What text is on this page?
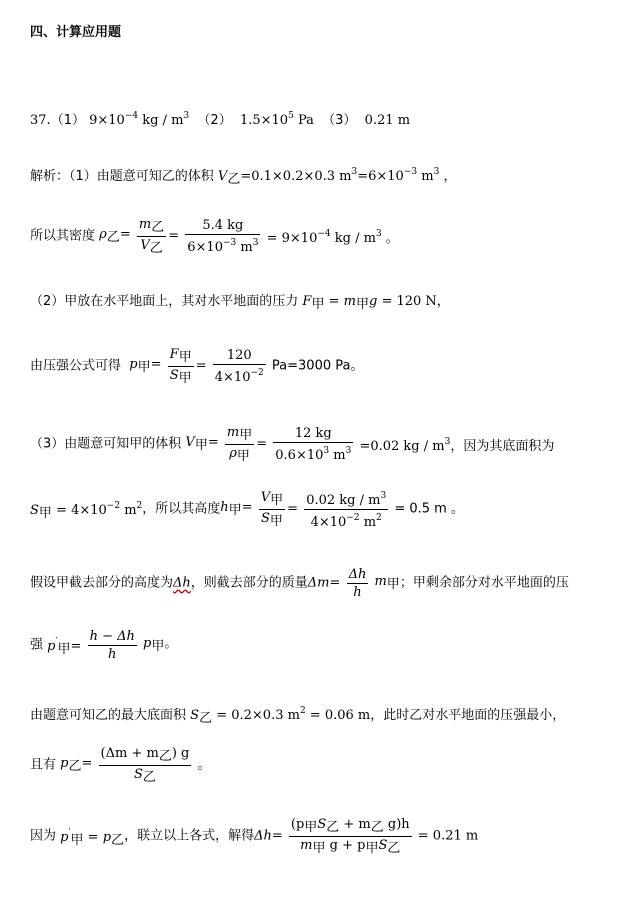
四、计算应用题
37.（1） $9\times 10^{-4}$ kg / $m^3$ （2） $1.5\times 10^5$ Pa （3） 0.21 m
解析：（1）由题意可知乙的体积 $V_乙=0.1\times 0.2\times 0.3$ $m^3=6\times 10^{-3}$ $m^3$ ，
所以其密度 $\rho_乙= \frac{m_乙}{V_乙} = \frac{5.4 kg}{6\times 10^{-3} m^3} = 9\times 10^{-4}$ kg / $m^3$ 。
（2）甲放在水平地面上，其对水平地面的压力 $F_甲 = m_甲g = 120$ N，
由压强公式可得 $p_甲= \frac{F_甲}{S_甲} = \frac{120}{4\times 10^{-2}} Pa=3000$ Pa。
（3）由题意可知甲的体积 $V_甲= \frac{m_甲}{\rho_甲} = \frac{12 kg}{0.6\times 10^3 m^3} =0.02$ kg / $m^3$，因为其底面积为
$S_甲 = 4\times 10^{-2}$ $m^2$，所以其高度$h_甲= \frac{V_甲}{S_甲} = \frac{0.02 kg / m^3}{4\times 10^{-2} m^2} = 0.5$ m 。
假设甲截去部分的高度为Δh，则截去部分的质量$\Delta m= \frac{\Delta h}{h} m_甲$；甲剩余部分对水平地面的压
强 $p'_甲= \frac{h - \Delta h}{h} p_甲$。
由题意可知乙的最大底面积 $S_乙 = 0.2\times 0.3$ $m^2 = 0.06$ m，此时乙对水平地面的压强最小，
且有 $p_乙= \frac{(\Delta m + m_乙) g}{S_乙}$ 。
因为 $p'_甲 = p_乙$，联立以上各式，解得$\Delta h= \frac{(p_甲S_乙 + m_乙 g)h}{m_甲 g + p_甲S_乙} = 0.21$ m
